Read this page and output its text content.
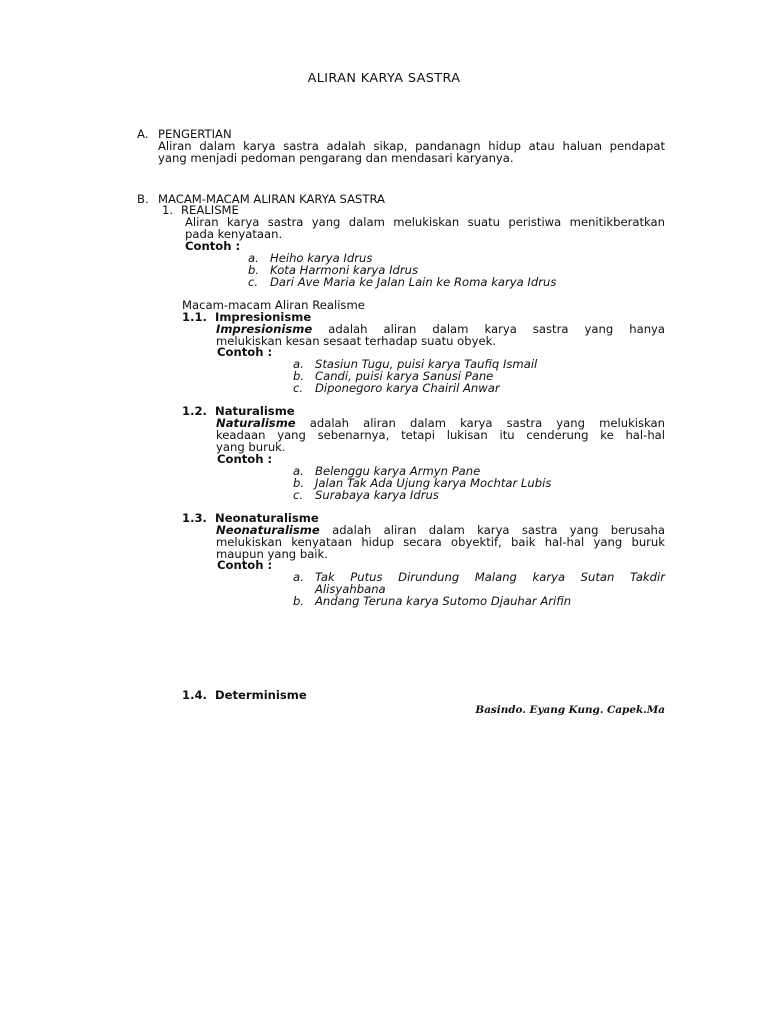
ALIRAN KARYA SASTRA
A. PENGERTIAN
Aliran dalam karya sastra adalah sikap, pandanagn hidup atau haluan pendapat
yang menjadi pedoman pengarang dan mendasari karyanya.
B. MACAM-MACAM ALIRAN KARYA SASTRA
1. REALISME
Aliran karya sastra yang dalam melukiskan suatu peristiwa menitikberatkan
pada kenyataan.
Contoh :
a. Heiho karya Idrus
b. Kota Harmoni karya Idrus
c. Dari Ave Maria ke Jalan Lain ke Roma karya Idrus
Macam-macam Aliran Realisme
1.1. Impresionisme
Impresionisme adalah aliran dalam karya sastra yang hanya
melukiskan kesan sesaat terhadap suatu obyek.
Contoh :
a. Stasiun Tugu, puisi karya Taufiq Ismail
b. Candi, puisi karya Sanusi Pane
c. Diponegoro karya Chairil Anwar
1.2. Naturalisme
Naturalisme adalah aliran dalam karya sastra yang melukiskan
keadaan yang sebenarnya, tetapi lukisan itu cenderung ke hal-hal
yang buruk.
Contoh :
a. Belenggu karya Armyn Pane
b. Jalan Tak Ada Ujung karya Mochtar Lubis
c. Surabaya karya Idrus
1.3. Neonaturalisme
Neonaturalisme adalah aliran dalam karya sastra yang berusaha
melukiskan kenyataan hidup secara obyektif, baik hal-hal yang buruk
maupun yang baik.
Contoh :
a. Tak Putus Dirundung Malang karya Sutan Takdir
Alisyahbana
b. Andang Teruna karya Sutomo Djauhar Arifin
1.4. Determinisme
Basindo. Eyang Kung. Capek.Ma
